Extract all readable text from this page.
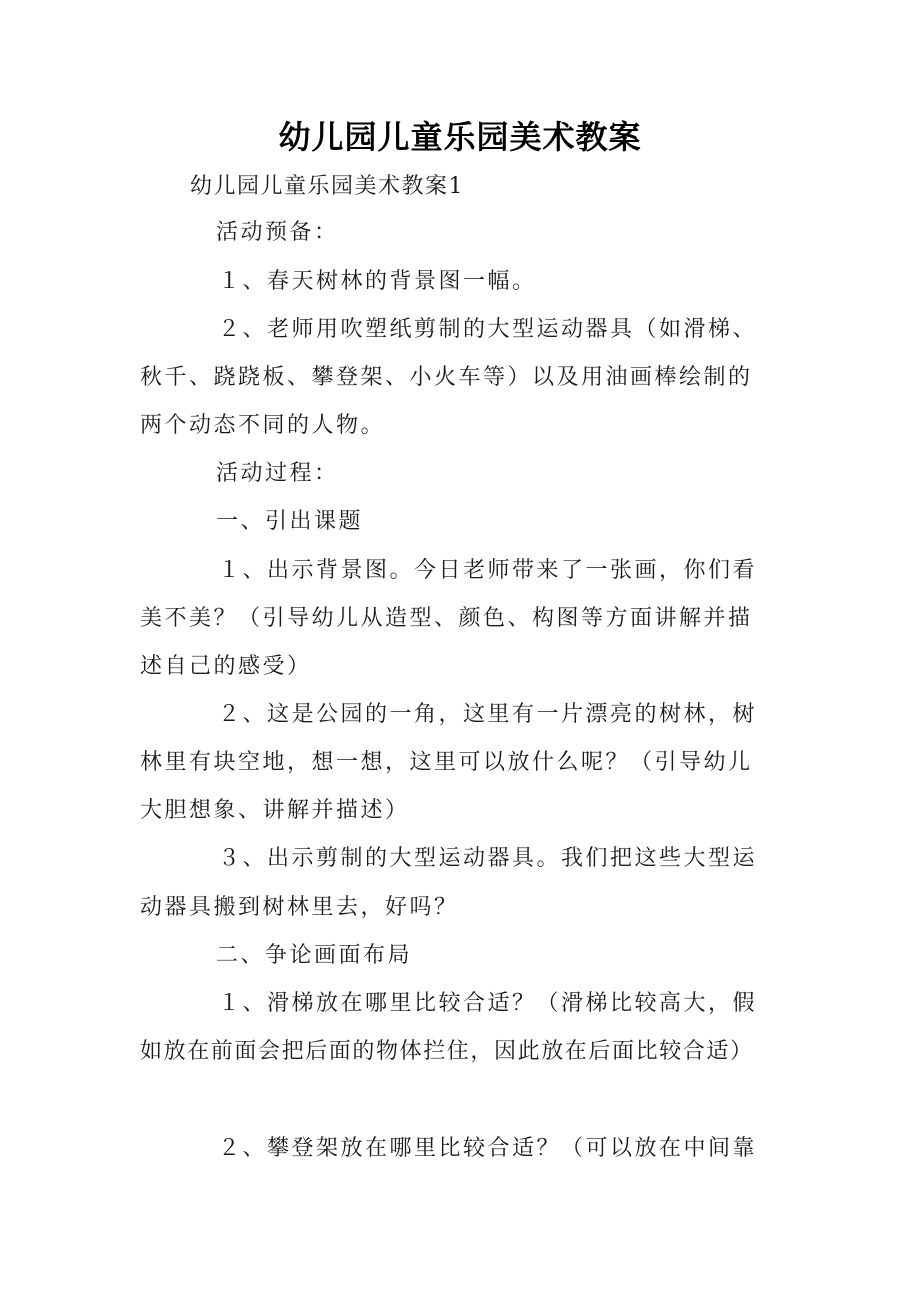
幼儿园儿童乐园美术教案

幼儿园儿童乐园美术教案1

活动预备：

１、春天树林的背景图一幅。

２、老师用吹塑纸剪制的大型运动器具（如滑梯、

秋千、跷跷板、攀登架、小火车等）以及用油画棒绘制的

两个动态不同的人物。

活动过程：

一、引出课题

１、出示背景图。今日老师带来了一张画，你们看

美不美？（引导幼儿从造型、颜色、构图等方面讲解并描

述自己的感受）

２、这是公园的一角，这里有一片漂亮的树林，树

林里有块空地，想一想，这里可以放什么呢？（引导幼儿

大胆想象、讲解并描述）

３、出示剪制的大型运动器具。我们把这些大型运

动器具搬到树林里去，好吗？

二、争论画面布局

１、滑梯放在哪里比较合适？（滑梯比较高大，假

如放在前面会把后面的物体拦住，因此放在后面比较合适）

２、攀登架放在哪里比较合适？（可以放在中间靠
